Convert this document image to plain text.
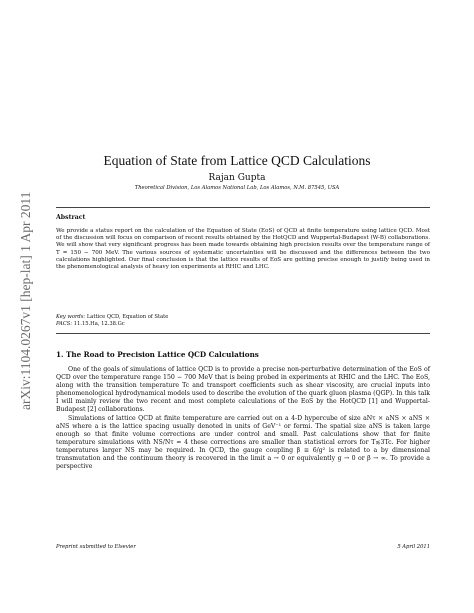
arXiv:1104.0267v1 [hep-lat] 1 Apr 2011
Equation of State from Lattice QCD Calculations
Rajan Gupta
Theoretical Division, Los Alamos National Lab, Los Alamos, N.M. 87545, USA
Abstract
We provide a status report on the calculation of the Equation of State (EoS) of QCD at finite temperature using lattice QCD. Most of the discussion will focus on comparison of recent results obtained by the HotQCD and Wuppertal-Budapest (W-B) collaborations. We will show that very significant progress has been made towards obtaining high precision results over the temperature range of T = 150 − 700 MeV. The various sources of systematic uncertainties will be discussed and the differences between the two calculations highlighted. Our final conclusion is that the lattice results of EoS are getting precise enough to justify being used in the phenomenological analysis of heavy ion experiments at RHIC and LHC.
Key words: Lattice QCD, Equation of State
PACS: 11.15.Ha, 12.38.Gc
1. The Road to Precision Lattice QCD Calculations

One of the goals of simulations of lattice QCD is to provide a precise non-perturbative determination of the EoS of QCD over the temperature range 150 − 700 MeV that is being probed in experiments at RHIC and the LHC. The EoS, along with the transition temperature Tc and transport coefficients such as shear viscosity, are crucial inputs into phenomenological hydrodynamical models used to describe the evolution of the quark gluon plasma (QGP). In this talk I will mainly review the two recent and most complete calculations of the EoS by the HotQCD [1] and Wuppertal-Budapest [2] collaborations.

Simulations of lattice QCD at finite temperature are carried out on a 4-D hypercube of size aNτ × aNS × aNS × aNS where a is the lattice spacing usually denoted in units of GeV⁻¹ or fermi. The spatial size aNS is taken large enough so that finite volume corrections are under control and small. Past calculations show that for finite temperature simulations with NS/Nτ = 4 these corrections are smaller than statistical errors for T≲3Tc. For higher temperatures larger NS may be required. In QCD, the gauge coupling β ≡ 6/g² is related to a by dimensional transmutation and the continuum theory is recovered in the limit a → 0 or equivalently g → 0 or β → ∞. To provide a perspective

Preprint submitted to Elsevier	5 April 2011
